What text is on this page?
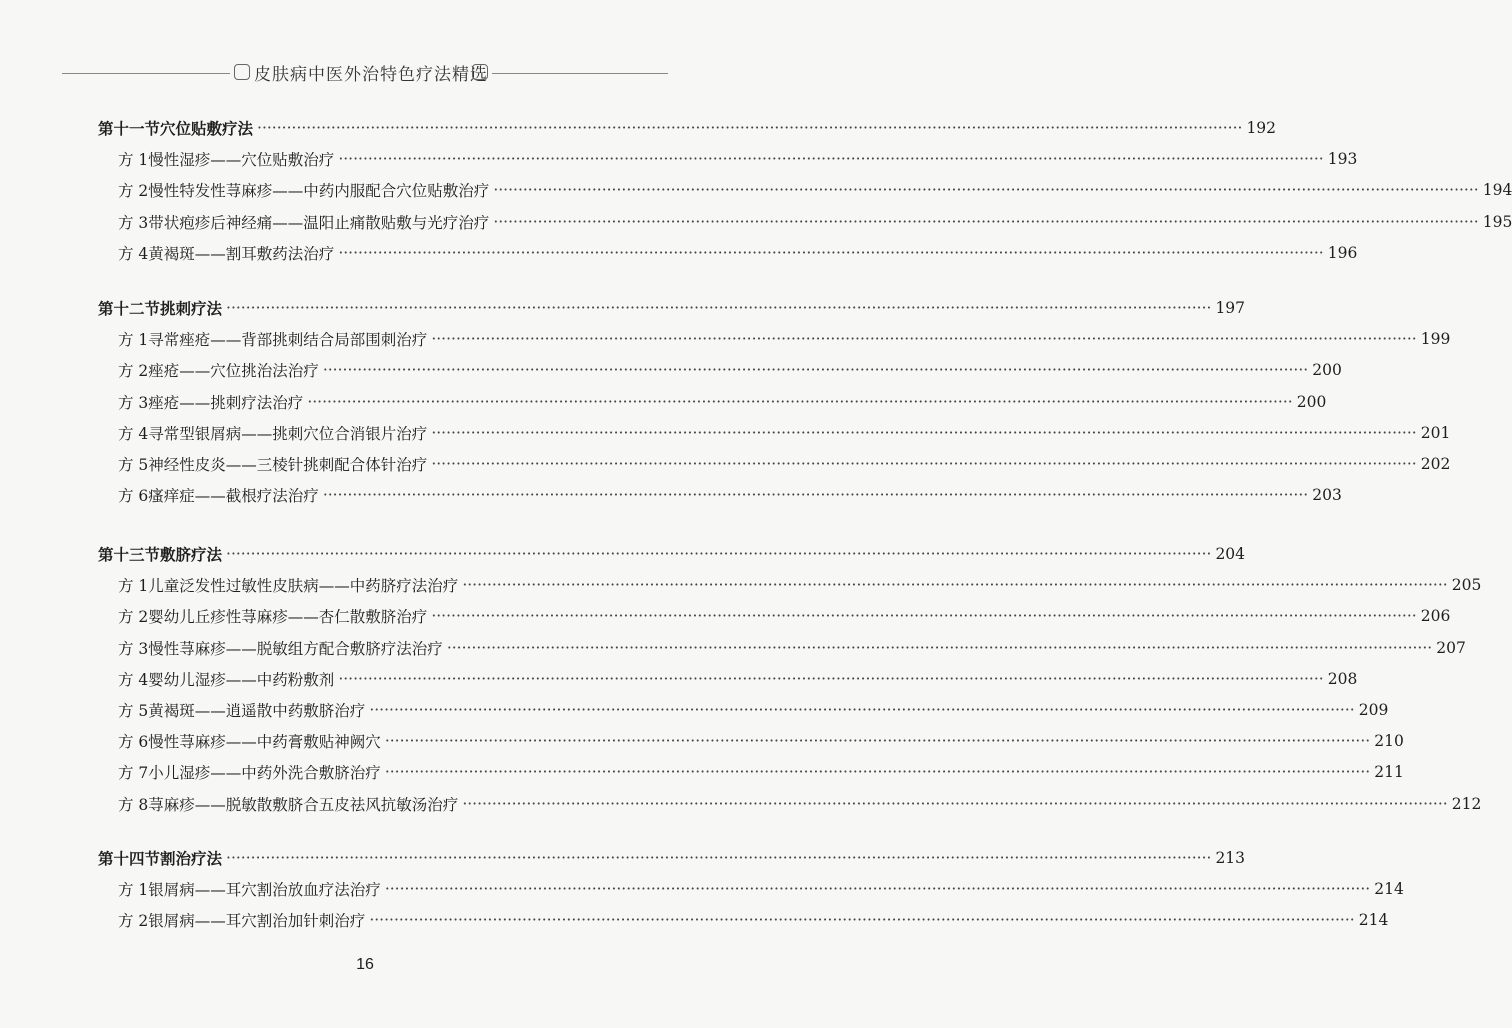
皮肤病中医外治特色疗法精选
第十一节 穴位贴敷疗法 ········································································································································································································ 192
方 1 慢性湿疹——穴位贴敷治疗 ········································································································································································································ 193
方 2 慢性特发性荨麻疹——中药内服配合穴位贴敷治疗 ········································································································································································································ 194
方 3 带状疱疹后神经痛——温阳止痛散贴敷与光疗治疗 ········································································································································································································ 195
方 4 黄褐斑——割耳敷药法治疗 ········································································································································································································ 196
第十二节 挑刺疗法 ········································································································································································································ 197
方 1 寻常痤疮——背部挑刺结合局部围刺治疗 ········································································································································································································ 199
方 2 痤疮——穴位挑治法治疗 ········································································································································································································ 200
方 3 痤疮——挑刺疗法治疗 ········································································································································································································ 200
方 4 寻常型银屑病——挑刺穴位合消银片治疗 ········································································································································································································ 201
方 5 神经性皮炎——三棱针挑刺配合体针治疗 ········································································································································································································ 202
方 6 瘙痒症——截根疗法治疗 ········································································································································································································ 203
第十三节 敷脐疗法 ········································································································································································································ 204
方 1 儿童泛发性过敏性皮肤病——中药脐疗法治疗 ········································································································································································································ 205
方 2 婴幼儿丘疹性荨麻疹——杏仁散敷脐治疗 ········································································································································································································ 206
方 3 慢性荨麻疹——脱敏组方配合敷脐疗法治疗 ········································································································································································································ 207
方 4 婴幼儿湿疹——中药粉敷剂 ········································································································································································································ 208
方 5 黄褐斑——逍遥散中药敷脐治疗 ········································································································································································································ 209
方 6 慢性荨麻疹——中药膏敷贴神阙穴 ········································································································································································································ 210
方 7 小儿湿疹——中药外洗合敷脐治疗 ········································································································································································································ 211
方 8 荨麻疹——脱敏散敷脐合五皮祛风抗敏汤治疗 ········································································································································································································ 212
第十四节 割治疗法 ········································································································································································································ 213
方 1 银屑病——耳穴割治放血疗法治疗 ········································································································································································································ 214
方 2 银屑病——耳穴割治加针刺治疗 ········································································································································································································ 214
16
